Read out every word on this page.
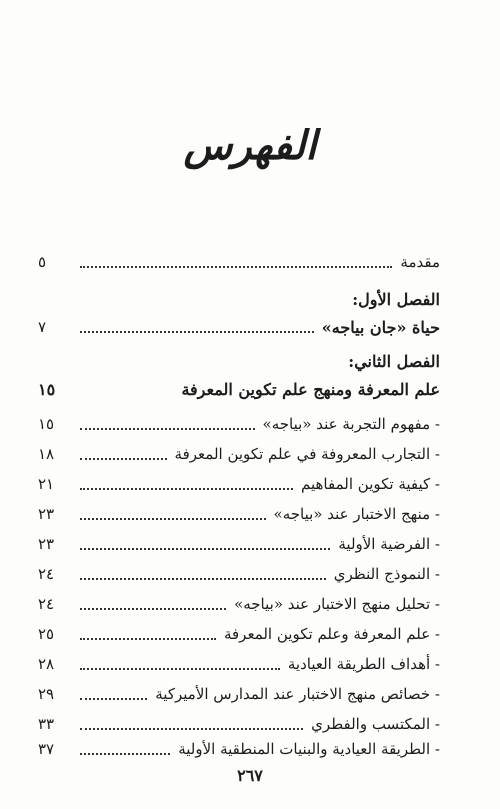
الفهرس
مقدمة
٥
الفصل الأول:
حياة «جان بياجه»
٧
الفصل الثاني:
علم المعرفة ومنهج علم تكوين المعرفة
١٥
- مفهوم التجربة عند «بياجه»
١٥
- التجارب المعروفة في علم تكوين المعرفة
١٨
- كيفية تكوين المفاهيم
٢١
- منهج الاختبار عند «بياجه»
٢٣
- الفرضية الأولية
٢٣
- النموذج النظري
٢٤
- تحليل منهج الاختبار عند «بياجه»
٢٤
- علم المعرفة وعلم تكوين المعرفة
٢٥
- أهداف الطريقة العيادية
٢٨
- خصائص منهج الاختبار عند المدارس الأميركية
٢٩
- المكتسب والفطري
٣٣
- الطريقة العيادية والبنيات المنطقية الأولية
٣٧
٢٦٧
